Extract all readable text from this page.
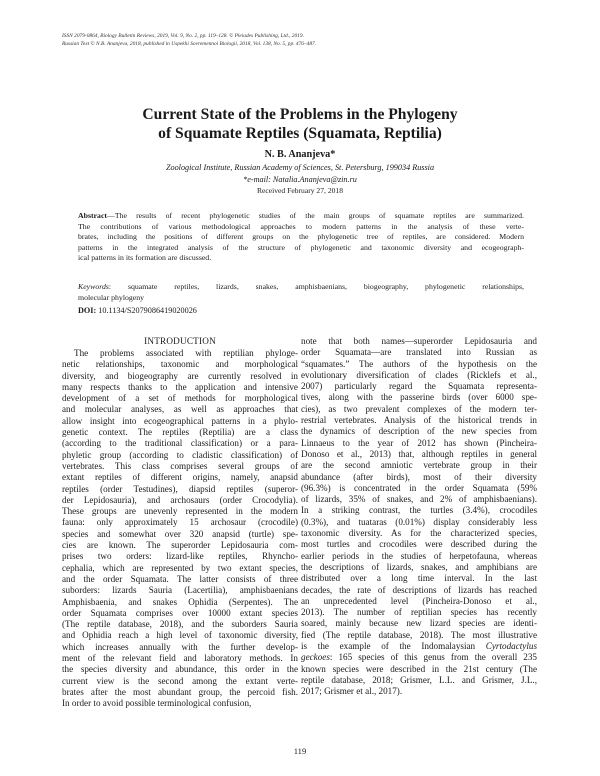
ISSN 2079-0864, Biology Bulletin Reviews, 2019, Vol. 9, No. 2, pp. 119–128. © Pleiades Publishing, Ltd., 2019.
Russian Text © N.B. Ananjeva, 2018, published in Uspekhi Sovremennoi Biologii, 2018, Vol. 138, No. 5, pp. 476–487.
Current State of the Problems in the Phylogeny
of Squamate Reptiles (Squamata, Reptilia)
N. B. Ananjeva*
Zoological Institute, Russian Academy of Sciences, St. Petersburg, 199034 Russia
*e-mail: Natalia.Ananjeva@zin.ru
Received February 27, 2018
Abstract—The results of recent phylogenetic studies of the main groups of squamate reptiles are summarized.
The contributions of various methodological approaches to modern patterns in the analysis of these verte-
brates, including the positions of different groups on the phylogenetic tree of reptiles, are considered. Modern
patterns in the integrated analysis of the structure of phylogenetic and taxonomic diversity and ecogeograph-
ical patterns in its formation are discussed.
Keywords: squamate reptiles, lizards, snakes, amphisbaenians, biogeography, phylogenetic relationships,
molecular phylogeny
DOI: 10.1134/S2079086419020026
INTRODUCTION
The problems associated with reptilian phyloge-
netic relationships, taxonomic and morphological
diversity, and biogeography are currently resolved in
many respects thanks to the application and intensive
development of a set of methods for morphological
and molecular analyses, as well as approaches that
allow insight into ecogeographical patterns in a phylo-
genetic context. The reptiles (Reptilia) are a class
(according to the traditional classification) or a para-
phyletic group (according to cladistic classification) of
vertebrates. This class comprises several groups of
extant reptiles of different origins, namely, anapsid
reptiles (order Testudines), diapsid reptiles (superor-
der Lepidosauria), and archosaurs (order Crocodylia).
These groups are unevenly represented in the modern
fauna: only approximately 15 archosaur (crocodile)
species and somewhat over 320 anapsid (turtle) spe-
cies are known. The superorder Lepidosauria com-
prises two orders: lizard-like reptiles, Rhyncho-
cephalia, which are represented by two extant species,
and the order Squamata. The latter consists of three
suborders: lizards Sauria (Lacertilia), amphisbaenians
Amphisbaenia, and snakes Ophidia (Serpentes). The
order Squamata comprises over 10000 extant species
(The reptile database, 2018), and the suborders Sauria
and Ophidia reach a high level of taxonomic diversity,
which increases annually with the further develop-
ment of the relevant field and laboratory methods. In
the species diversity and abundance, this order in the
current view is the second among the extant verte-
brates after the most abundant group, the percoid fish.
In order to avoid possible terminological confusion,
note that both names—superorder Lepidosauria and
order Squamata—are translated into Russian as
“squamates.” The authors of the hypothesis on the
evolutionary diversification of clades (Ricklefs et al.,
2007) particularly regard the Squamata representa-
tives, along with the passerine birds (over 6000 spe-
cies), as two prevalent complexes of the modern ter-
restrial vertebrates. Analysis of the historical trends in
the dynamics of description of the new species from
Linnaeus to the year of 2012 has shown (Pincheira-
Donoso et al., 2013) that, although reptiles in general
are the second amniotic vertebrate group in their
abundance (after birds), most of their diversity
(96.3%) is concentrated in the order Squamata (59%
of lizards, 35% of snakes, and 2% of amphisbaenians).
In a striking contrast, the turtles (3.4%), crocodiles
(0.3%), and tuataras (0.01%) display considerably less
taxonomic diversity. As for the characterized species,
most turtles and crocodiles were described during the
earlier periods in the studies of herpetofauna, whereas
the descriptions of lizards, snakes, and amphibians are
distributed over a long time interval. In the last
decades, the rate of descriptions of lizards has reached
an unprecedented level (Pincheira-Donoso et al.,
2013). The number of reptilian species has recently
soared, mainly because new lizard species are identi-
fied (The reptile database, 2018). The most illustrative
is the example of the Indomalaysian Cyrtodactylus
geckoes: 165 species of this genus from the overall 235
known species were described in the 21st century (The
reptile database, 2018; Grismer, L.L. and Grismer, J.L.,
2017; Grismer et al., 2017).
119
